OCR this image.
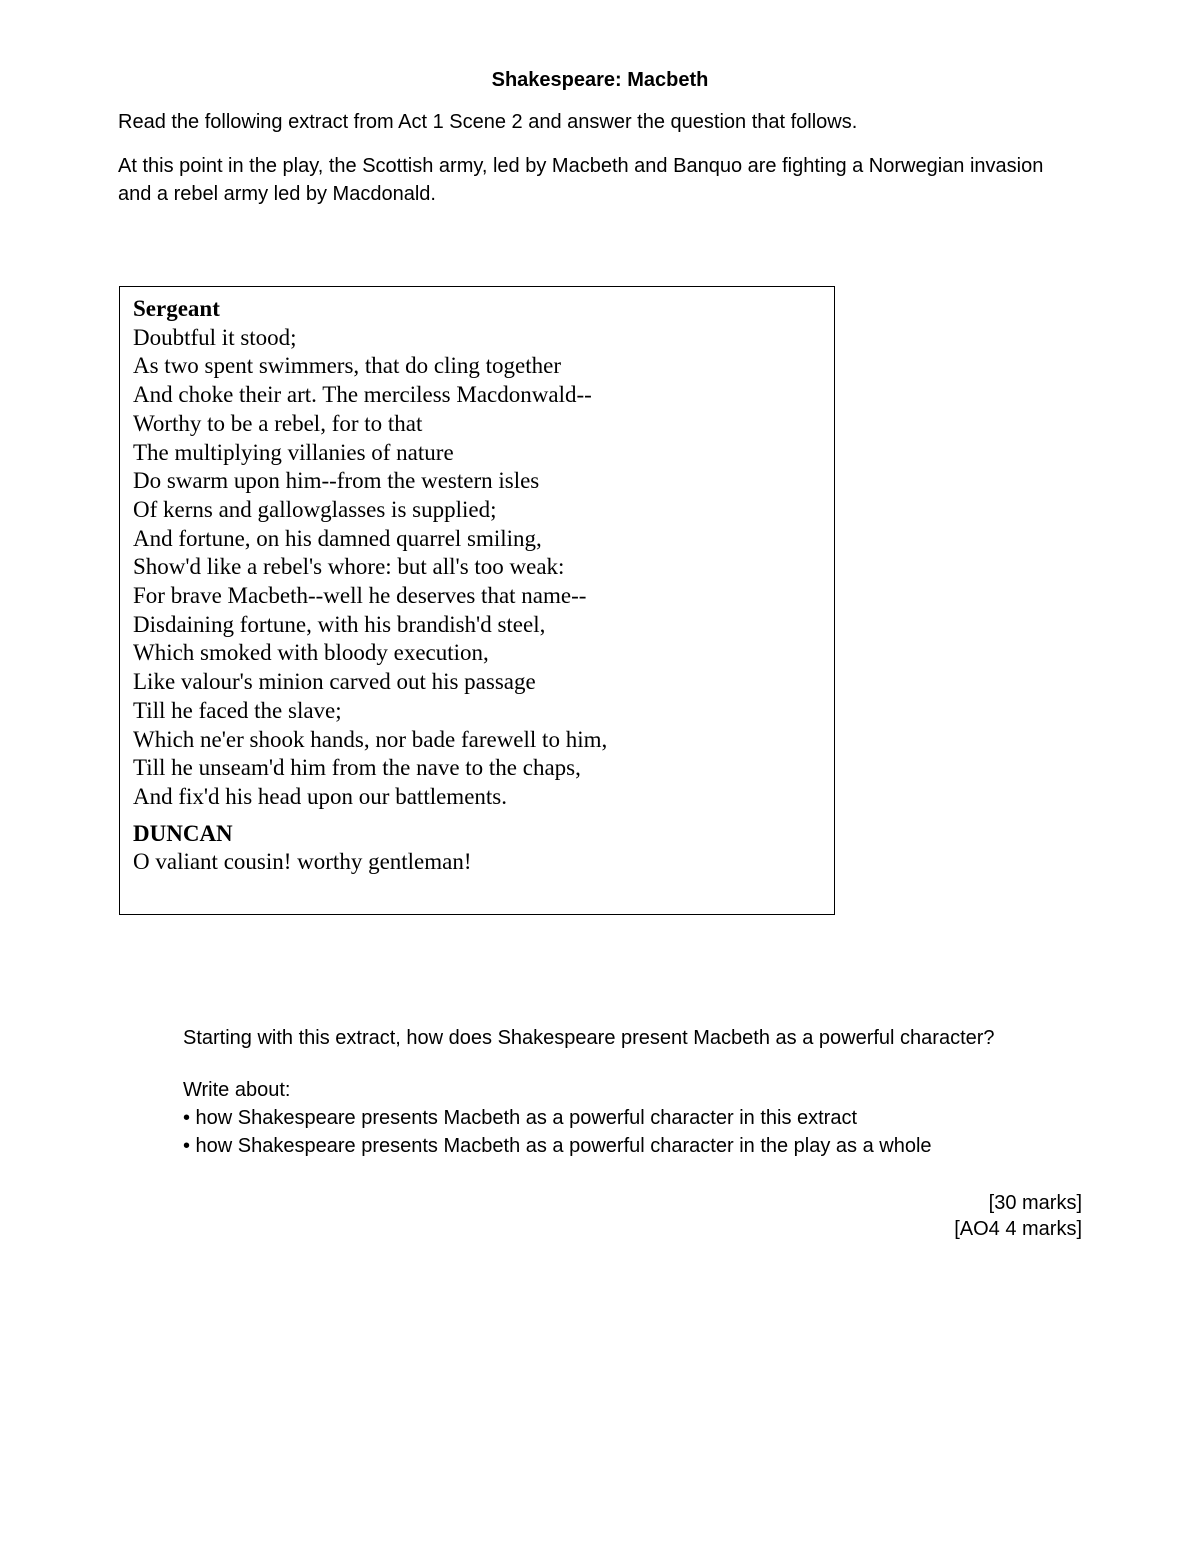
Shakespeare: Macbeth
Read the following extract from Act 1 Scene 2 and answer the question that follows.
At this point in the play, the Scottish army, led by Macbeth and Banquo are fighting a Norwegian invasion and a rebel army led by Macdonald.
Sergeant
Doubtful it stood;
As two spent swimmers, that do cling together
And choke their art. The merciless Macdonwald--
Worthy to be a rebel, for to that
The multiplying villanies of nature
Do swarm upon him--from the western isles
Of kerns and gallowglasses is supplied;
And fortune, on his damned quarrel smiling,
Show'd like a rebel's whore: but all's too weak:
For brave Macbeth--well he deserves that name--
Disdaining fortune, with his brandish'd steel,
Which smoked with bloody execution,
Like valour's minion carved out his passage
Till he faced the slave;
Which ne'er shook hands, nor bade farewell to him,
Till he unseam'd him from the nave to the chaps,
And fix'd his head upon our battlements.
DUNCAN
O valiant cousin! worthy gentleman!
Starting with this extract, how does Shakespeare present Macbeth as a powerful character?
Write about:
• how Shakespeare presents Macbeth as a powerful character in this extract
• how Shakespeare presents Macbeth as a powerful character in the play as a whole
[30 marks]
[AO4 4 marks]
